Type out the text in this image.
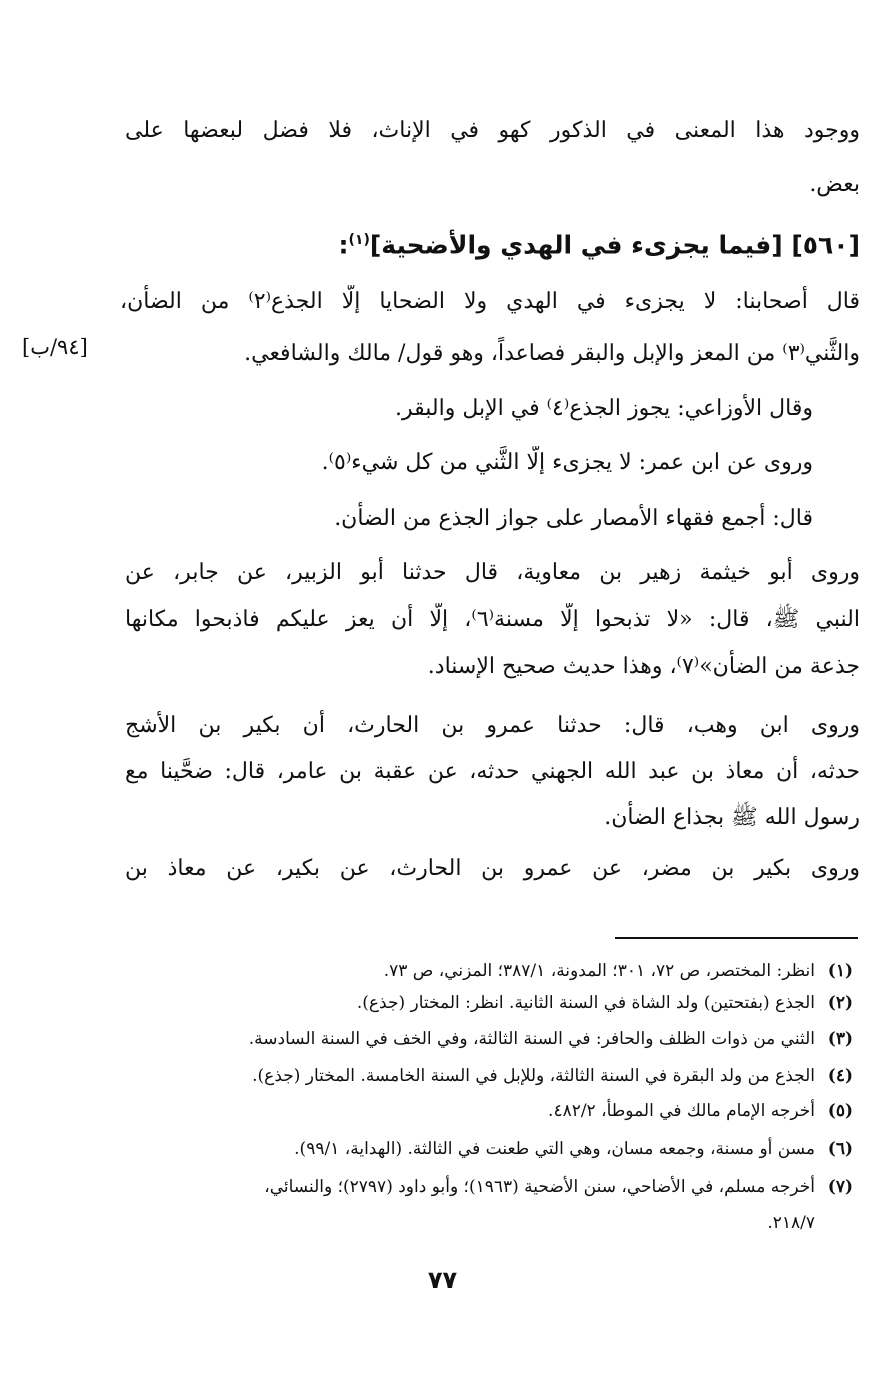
ووجود هذا المعنى في الذكور كهو في الإناث، فلا فضل لبعضها على
بعض.
[٥٦٠] [فيما يجزىء في الهدي والأضحية]$^{(١)}$:
قال أصحابنا: لا يجزىء في الهدي ولا الضحايا إلَّا الجذع⁽٢⁾ من الضأن،
والثَّني⁽٣⁾ من المعز والإبل والبقر فصاعداً، وهو قول/ مالك والشافعي.
[٩٤/ب]
وقال الأوزاعي: يجوز الجذع⁽٤⁾ في الإبل والبقر.
وروى عن ابن عمر: لا يجزىء إلَّا الثَّني من كل شيء⁽٥⁾.
قال: أجمع فقهاء الأمصار على جواز الجذع من الضأن.
وروى أبو خيثمة زهير بن معاوية، قال حدثنا أبو الزبير، عن جابر، عن
النبي ﷺ، قال: «لا تذبحوا إلَّا مسنة⁽٦⁾، إلَّا أن يعز عليكم فاذبحوا مكانها
جذعة من الضأن»⁽٧⁾، وهذا حديث صحيح الإسناد.
وروى ابن وهب، قال: حدثنا عمرو بن الحارث، أن بكير بن الأشج
حدثه، أن معاذ بن عبد الله الجهني حدثه، عن عقبة بن عامر، قال: ضحَّينا مع
رسول الله ﷺ بجذاع الضأن.
وروى بكير بن مضر، عن عمرو بن الحارث، عن بكير، عن معاذ بن
(١)انظر: المختصر، ص ٧٢، ٣٠١؛ المدونة، ٣٨٧/١؛ المزني، ص ٧٣.
(٢)الجذع (بفتحتين) ولد الشاة في السنة الثانية. انظر: المختار (جذع).
(٣)الثني من ذوات الظلف والحافر: في السنة الثالثة، وفي الخف في السنة السادسة.
(٤)الجذع من ولد البقرة في السنة الثالثة، وللإبل في السنة الخامسة. المختار (جذع).
(٥)أخرجه الإمام مالك في الموطأ، ٤٨٢/٢.
(٦)مسن أو مسنة، وجمعه مسان، وهي التي طعنت في الثالثة. (الهداية، ٩٩/١).
(٧)أخرجه مسلم، في الأضاحي، سنن الأضحية (١٩٦٣)؛ وأبو داود (٢٧٩٧)؛ والنسائي،
٢١٨/٧.
٧٧
